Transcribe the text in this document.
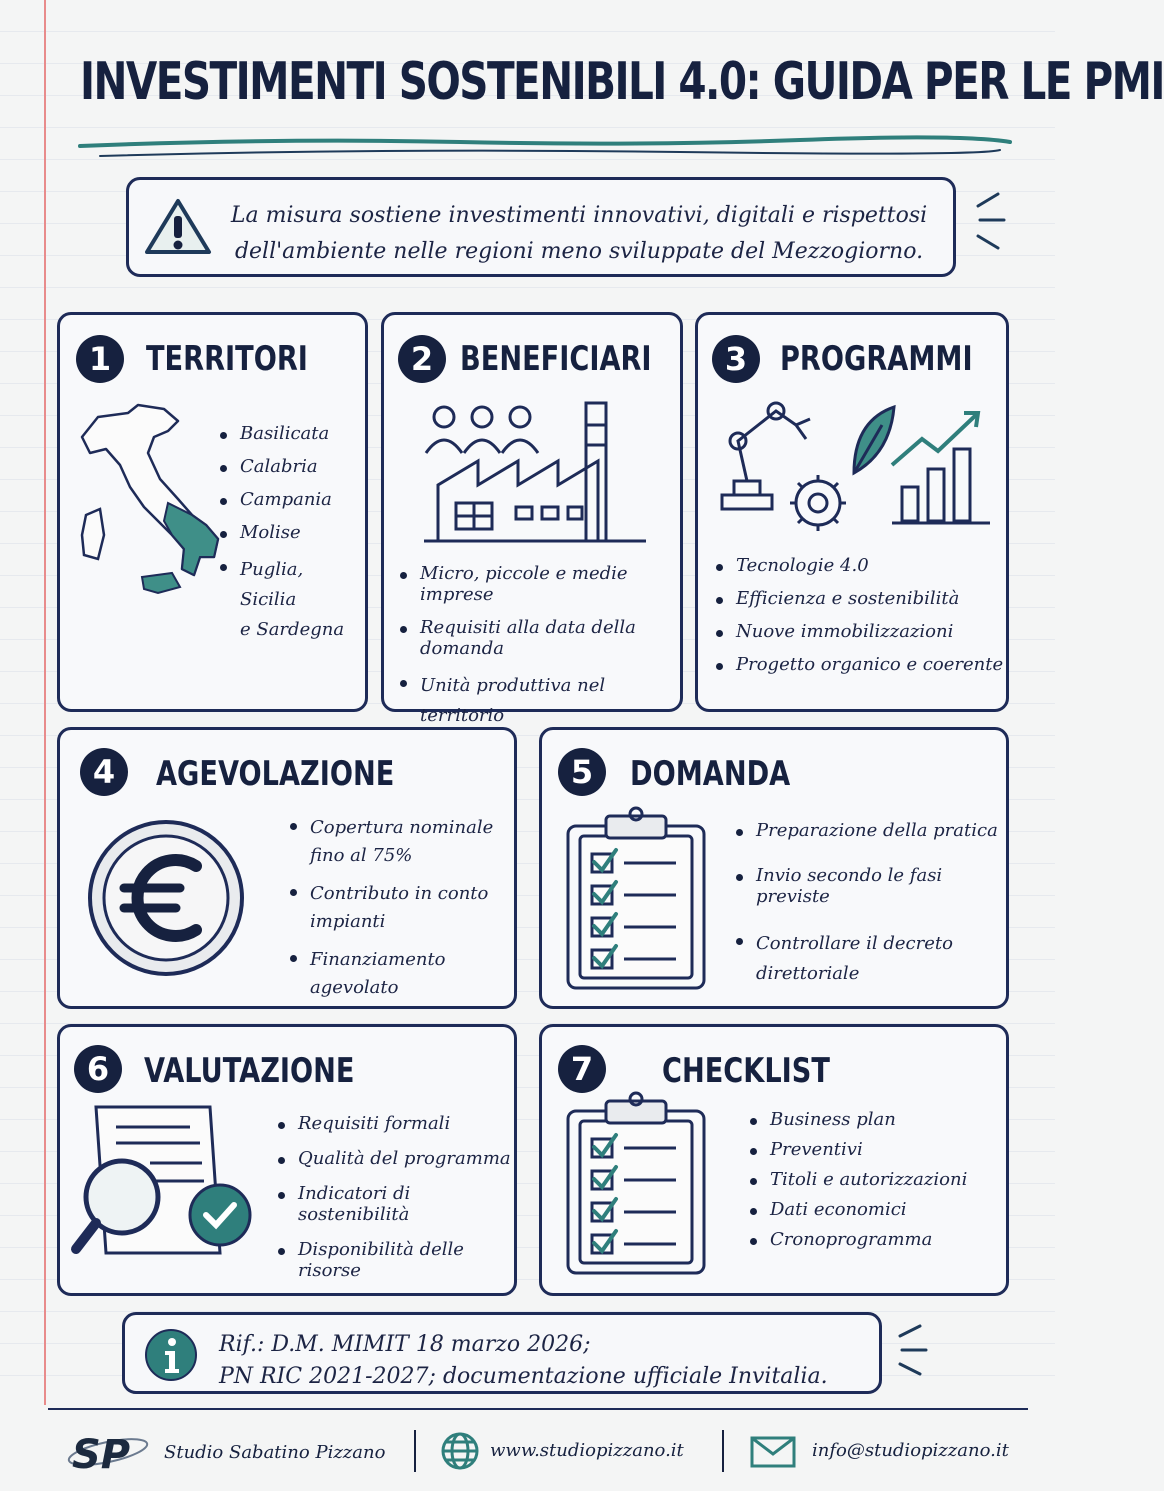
INVESTIMENTI SOSTENIBILI 4.0: GUIDA PER LE PMI
La misura sostiene investimenti innovativi, digitali e rispettosi dell'ambiente nelle regioni meno sviluppate del Mezzogiorno.
1	TERRITORI
Basilicata
Calabria
Campania
Molise
Puglia, Sicilia
e Sardegna
2 BENEFICIARI
Micro, piccole e medie imprese
Requisiti alla data della domanda
Unità produttiva nel territorio

3 PROGRAMMI
Tecnologie 4.0
Efficienza e sostenibilità
Nuove immobilizzazioni
Progetto organico e coerente
4	AGEVOLAZIONE
Copertura nominale
fino al 75%
Contributo in conto
impianti
Finanziamento
agevolato
5	DOMANDA
Preparazione della pratica
Invio secondo le fasi previste
Controllare il decreto
direttoriale
6	VALUTAZIONE
Requisiti formali
Qualità del programma
Indicatori di sostenibilità
Disponibilità delle risorse
7	CHECKLIST
Business plan
Preventivi
Titoli e autorizzazioni
Dati economici
Cronoprogramma
Rif.: D.M. MIMIT 18 marzo 2026;
PN RIC 2021-2027; documentazione ufficiale Invitalia.
SP Studio Sabatino Pizzano	www.studiopizzano.it	info@studiopizzano.it
